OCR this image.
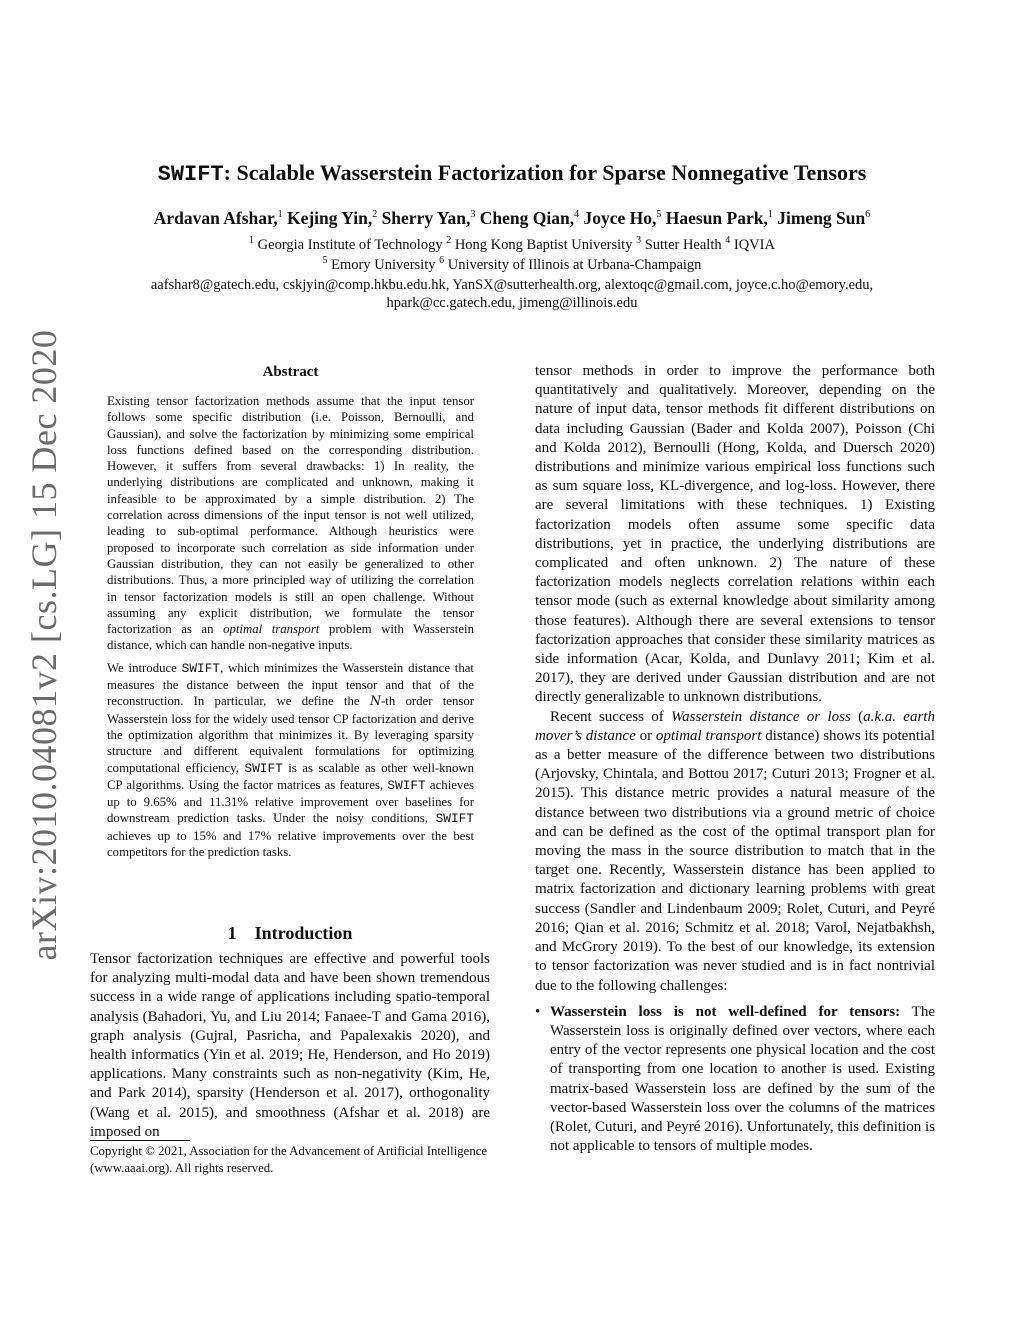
arXiv:2010.04081v2 [cs.LG] 15 Dec 2020
SWIFT: Scalable Wasserstein Factorization for Sparse Nonnegative Tensors
Ardavan Afshar,$^1$ Kejing Yin,$^2$ Sherry Yan,$^3$ Cheng Qian,$^4$ Joyce Ho,$^5$ Haesun Park,$^1$ Jimeng Sun$^6$
$^1$ Georgia Institute of Technology $^2$ Hong Kong Baptist University $^3$ Sutter Health $^4$ IQVIA
$^5$ Emory University $^6$ University of Illinois at Urbana-Champaign
aafshar8@gatech.edu, cskjyin@comp.hkbu.edu.hk, YanSX@sutterhealth.org, alextoqc@gmail.com, joyce.c.ho@emory.edu,
hpark@cc.gatech.edu, jimeng@illinois.edu
Abstract

Existing tensor factorization methods assume that the input tensor follows some specific distribution (i.e. Poisson, Bernoulli, and Gaussian), and solve the factorization by minimizing some empirical loss functions defined based on the corresponding distribution. However, it suffers from several drawbacks: 1) In reality, the underlying distributions are complicated and unknown, making it infeasible to be approximated by a simple distribution. 2) The correlation across dimensions of the input tensor is not well utilized, leading to sub-optimal performance. Although heuristics were proposed to incorporate such correlation as side information under Gaussian distribution, they can not easily be generalized to other distributions. Thus, a more principled way of utilizing the correlation in tensor factorization models is still an open challenge. Without assuming any explicit distribution, we formulate the tensor factorization as an optimal transport problem with Wasserstein distance, which can handle non-negative inputs.

We introduce SWIFT, which minimizes the Wasserstein distance that measures the distance between the input tensor and that of the reconstruction. In particular, we define the N-th order tensor Wasserstein loss for the widely used tensor CP factorization and derive the optimization algorithm that minimizes it. By leveraging sparsity structure and different equivalent formulations for optimizing computational efficiency, SWIFT is as scalable as other well-known CP algorithms. Using the factor matrices as features, SWIFT achieves up to 9.65% and 11.31% relative improvement over baselines for downstream prediction tasks. Under the noisy conditions, SWIFT achieves up to 15% and 17% relative improvements over the best competitors for the prediction tasks.

1 Introduction
Tensor factorization techniques are effective and powerful tools for analyzing multi-modal data and have been shown tremendous success in a wide range of applications including spatio-temporal analysis (Bahadori, Yu, and Liu 2014; Fanaee-T and Gama 2016), graph analysis (Gujral, Pasricha, and Papalexakis 2020), and health informatics (Yin et al. 2019; He, Henderson, and Ho 2019) applications. Many constraints such as non-negativity (Kim, He, and Park 2014), sparsity (Henderson et al. 2017), orthogonality (Wang et al. 2015), and smoothness (Afshar et al. 2018) are imposed on
Copyright © 2021, Association for the Advancement of Artificial Intelligence (www.aaai.org). All rights reserved.

tensor methods in order to improve the performance both quantitatively and qualitatively. Moreover, depending on the nature of input data, tensor methods fit different distributions on data including Gaussian (Bader and Kolda 2007), Poisson (Chi and Kolda 2012), Bernoulli (Hong, Kolda, and Duersch 2020) distributions and minimize various empirical loss functions such as sum square loss, KL-divergence, and log-loss. However, there are several limitations with these techniques. 1) Existing factorization models often assume some specific data distributions, yet in practice, the underlying distributions are complicated and often unknown. 2) The nature of these factorization models neglects correlation relations within each tensor mode (such as external knowledge about similarity among those features). Although there are several extensions to tensor factorization approaches that consider these similarity matrices as side information (Acar, Kolda, and Dunlavy 2011; Kim et al. 2017), they are derived under Gaussian distribution and are not directly generalizable to unknown distributions.

Recent success of Wasserstein distance or loss (a.k.a. earth mover’s distance or optimal transport distance) shows its potential as a better measure of the difference between two distributions (Arjovsky, Chintala, and Bottou 2017; Cuturi 2013; Frogner et al. 2015). This distance metric provides a natural measure of the distance between two distributions via a ground metric of choice and can be defined as the cost of the optimal transport plan for moving the mass in the source distribution to match that in the target one. Recently, Wasserstein distance has been applied to matrix factorization and dictionary learning problems with great success (Sandler and Lindenbaum 2009; Rolet, Cuturi, and Peyré 2016; Qian et al. 2016; Schmitz et al. 2018; Varol, Nejatbakhsh, and McGrory 2019). To the best of our knowledge, its extension to tensor factorization was never studied and is in fact nontrivial due to the following challenges:

• Wasserstein loss is not well-defined for tensors: The Wasserstein loss is originally defined over vectors, where each entry of the vector represents one physical location and the cost of transporting from one location to another is used. Existing matrix-based Wasserstein loss are defined by the sum of the vector-based Wasserstein loss over the columns of the matrices (Rolet, Cuturi, and Peyré 2016). Unfortunately, this definition is not applicable to tensors of multiple modes.
